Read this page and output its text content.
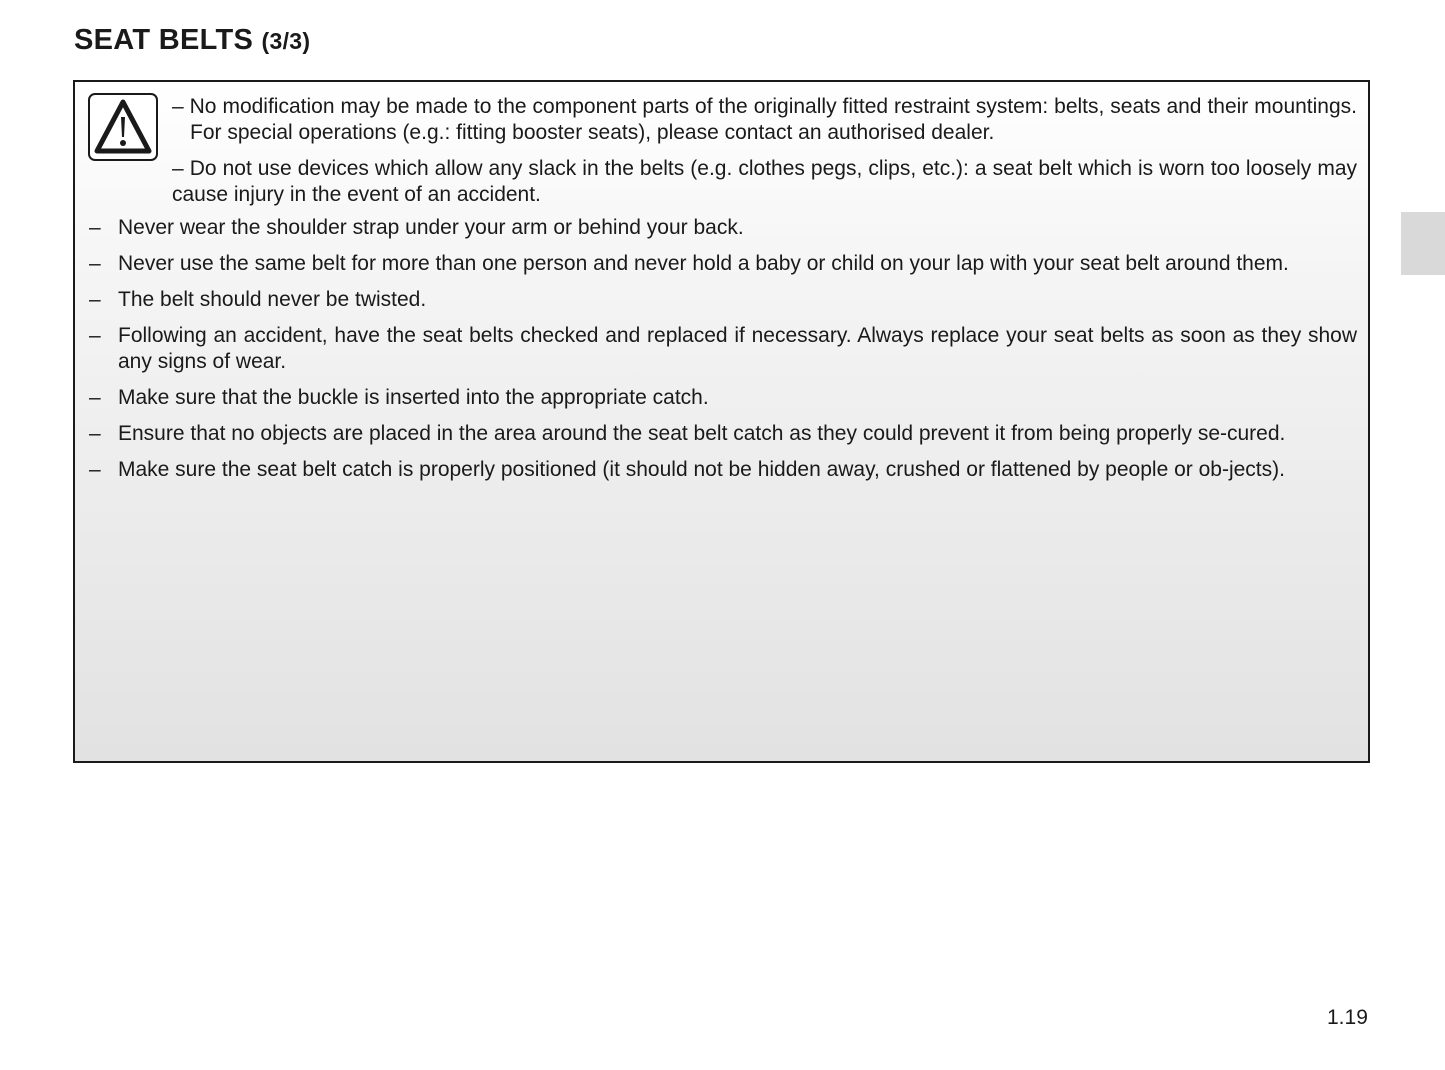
SEAT BELTS (3/3)

– No modification may be made to the component parts of the originally fitted restraint system: belts, seats and their mountings. For special operations (e.g.: fitting booster seats), please contact an authorised dealer.

– Do not use devices which allow any slack in the belts (e.g. clothes pegs, clips, etc.): a seat belt which is worn too loosely may cause injury in the event of an accident.

– Never wear the shoulder strap under your arm or behind your back.
– Never use the same belt for more than one person and never hold a baby or child on your lap with your seat belt around them.
– The belt should never be twisted.
– Following an accident, have the seat belts checked and replaced if necessary. Always replace your seat belts as soon as they show any signs of wear.
– Make sure that the buckle is inserted into the appropriate catch.
– Ensure that no objects are placed in the area around the seat belt catch as they could prevent it from being properly se-cured.
– Make sure the seat belt catch is properly positioned (it should not be hidden away, crushed or flattened by people or ob-jects).
1.19
